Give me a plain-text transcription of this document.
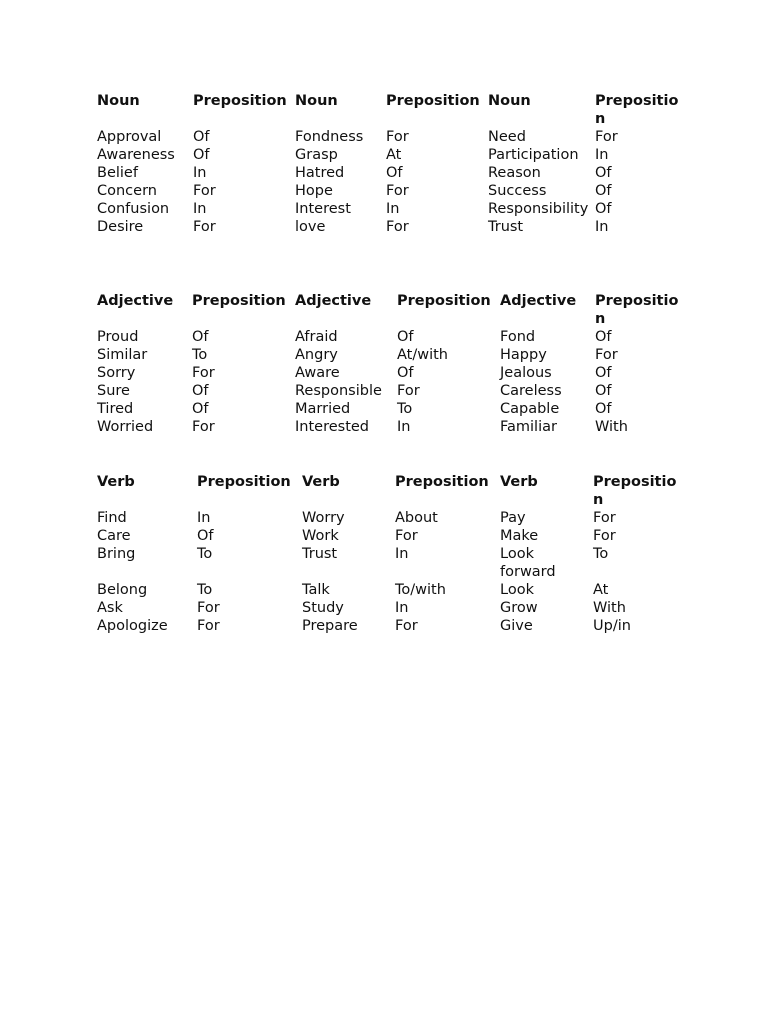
Noun	Preposition	Noun	Preposition	Noun	Preposition
Approval	Of	Fondness	For	Need	For
Awareness	Of	Grasp	At	Participation	In
Belief	In	Hatred	Of	Reason	Of
Concern	For	Hope	For	Success	Of
Confusion	In	Interest	In	Responsibility	Of
Desire	For	love	For	Trust	In
Adjective	Preposition	Adjective	Preposition	Adjective	Preposition
Proud	Of	Afraid	Of	Fond	Of
Similar	To	Angry	At/with	Happy	For
Sorry	For	Aware	Of	Jealous	Of
Sure	Of	Responsible	For	Careless	Of
Tired	Of	Married	To	Capable	Of
Worried	For	Interested	In	Familiar	With
Verb	Preposition	Verb	Preposition	Verb	Preposition
Find	In	Worry	About	Pay	For
Care	Of	Work	For	Make	For
Bring	To	Trust	In	Look forward	To
Belong	To	Talk	To/with	Look	At
Ask	For	Study	In	Grow	With
Apologize	For	Prepare	For	Give	Up/in
